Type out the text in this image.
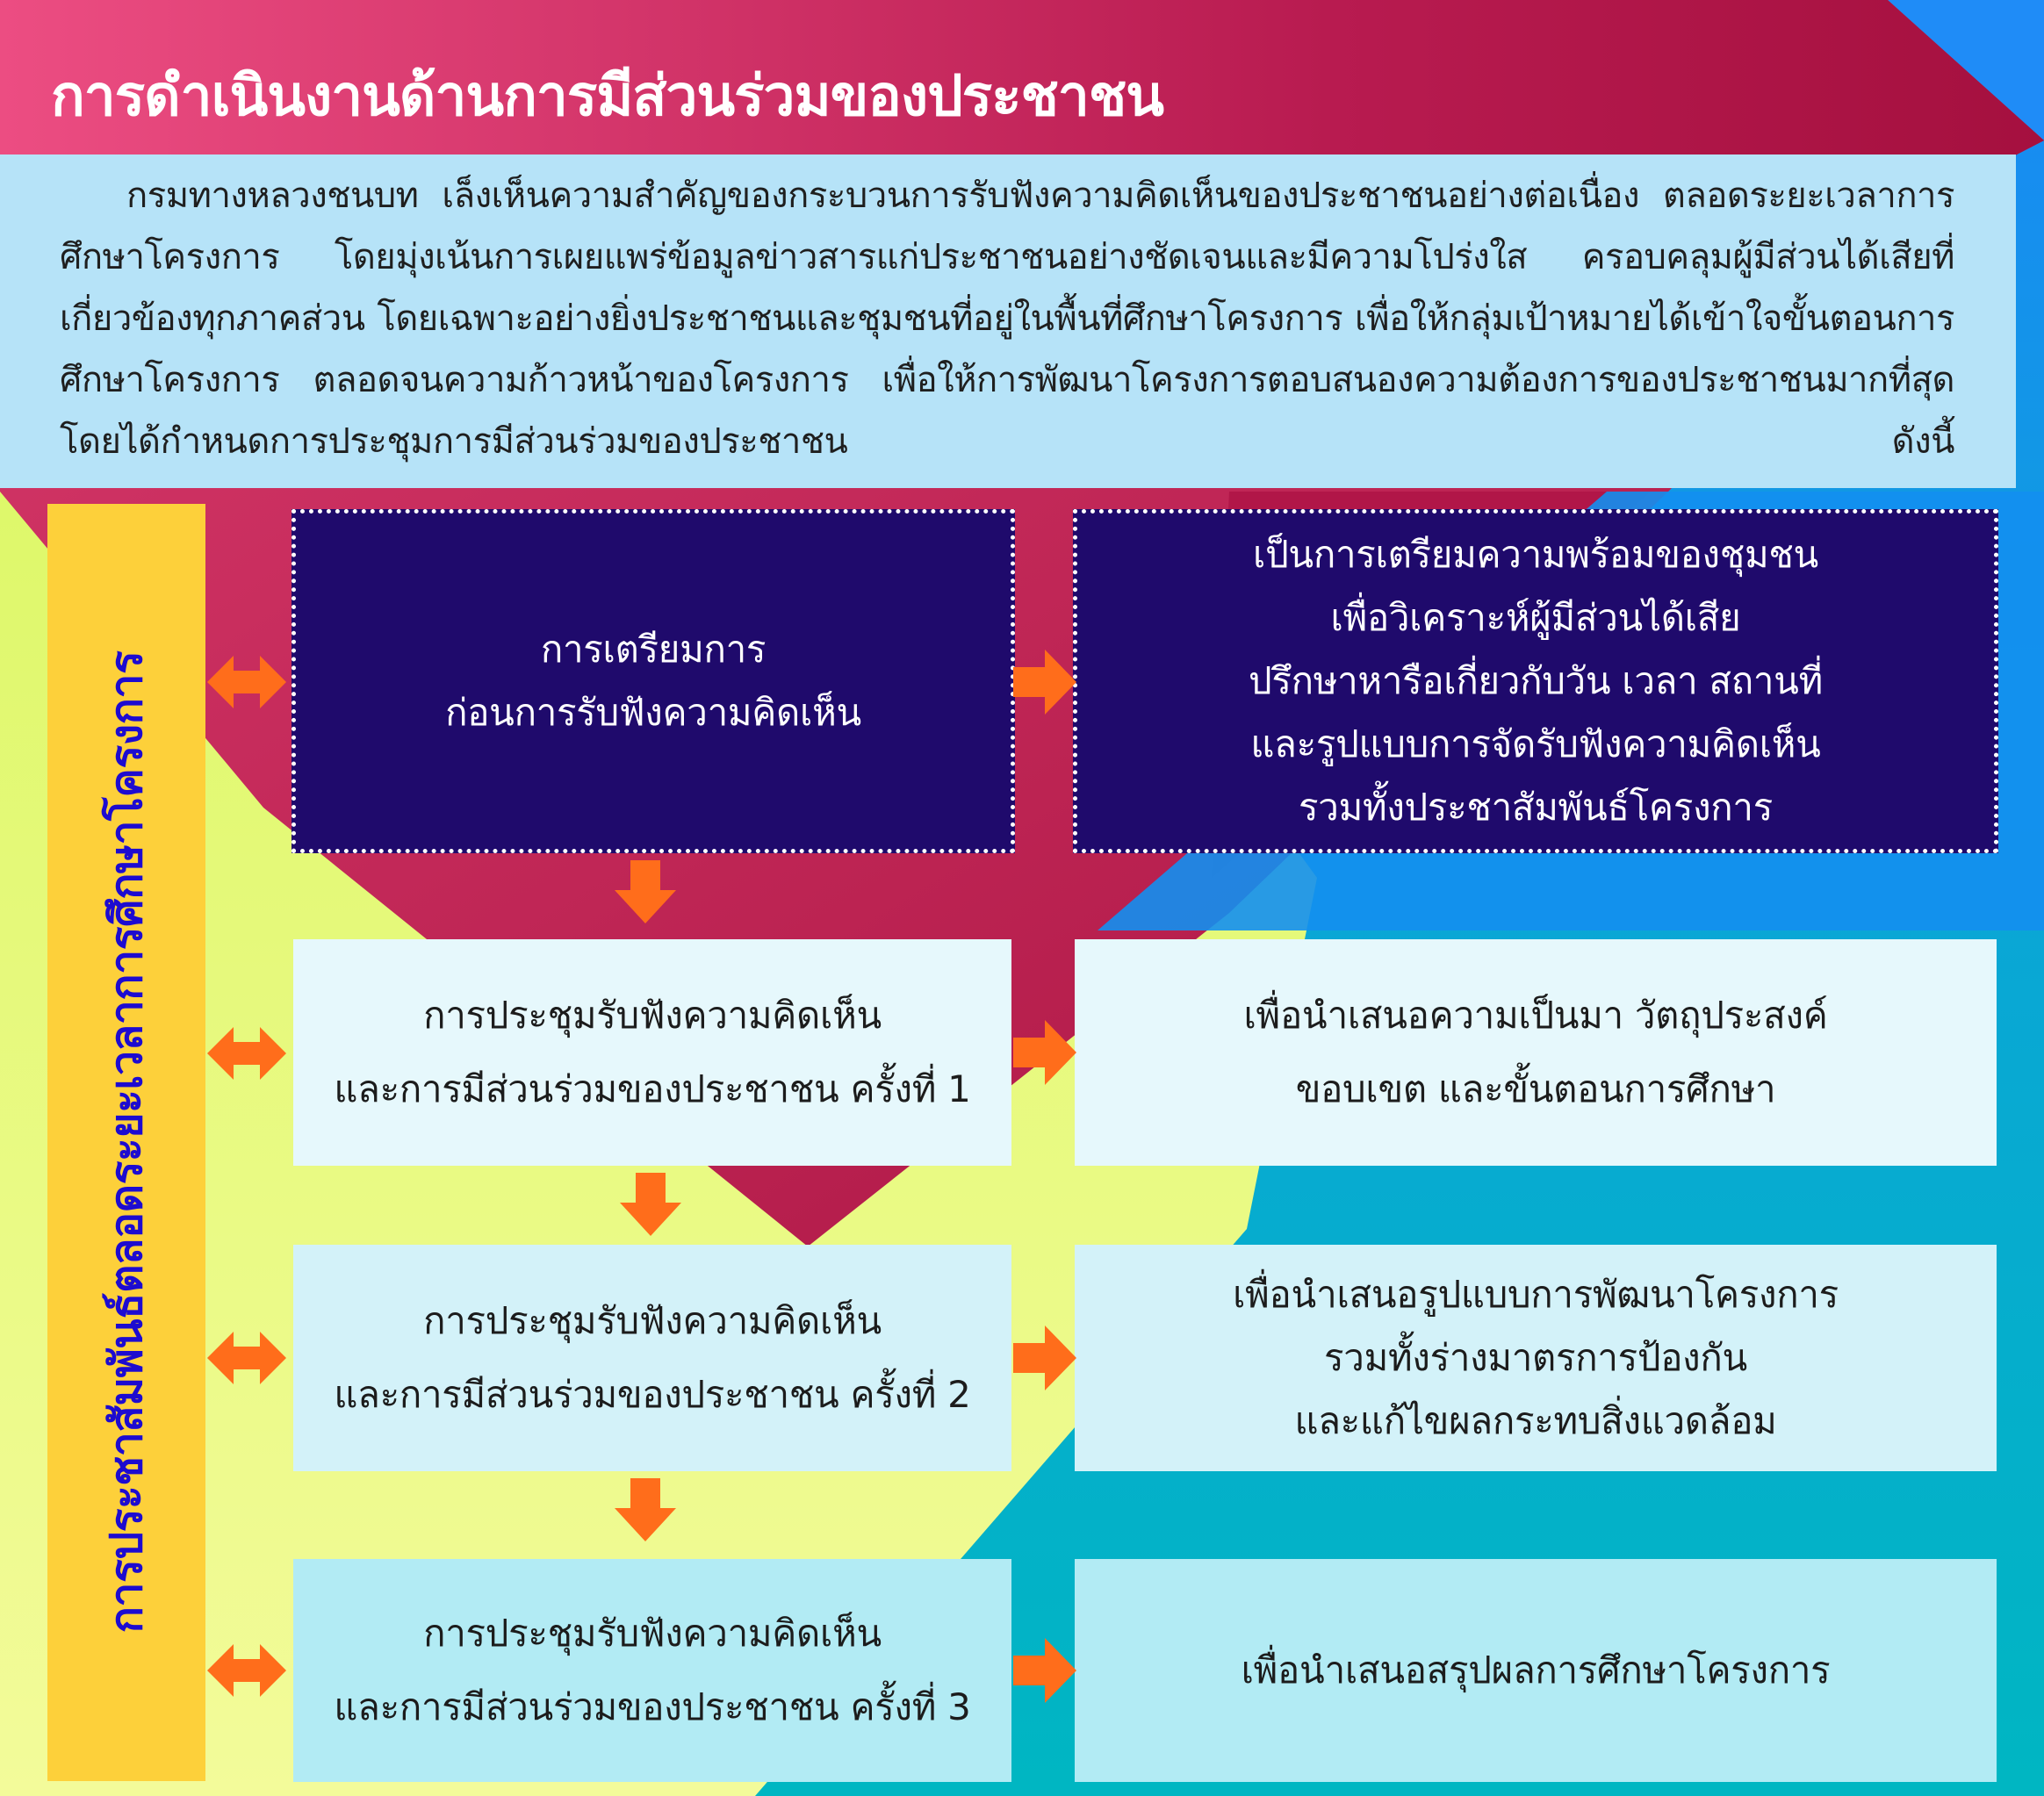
การดำเนินงานด้านการมีส่วนร่วมของประชาชน
กรมทางหลวงชนบท เล็งเห็นความสำคัญของกระบวนการรับฟังความคิดเห็นของประชาชนอย่างต่อเนื่อง ตลอดระยะเวลาการศึกษาโครงการ โดยมุ่งเน้นการเผยแพร่ข้อมูลข่าวสารแก่ประชาชนอย่างชัดเจนและมีความโปร่งใส ครอบคลุมผู้มีส่วนได้เสียที่เกี่ยวข้องทุกภาคส่วน โดยเฉพาะอย่างยิ่งประชาชนและชุมชนที่อยู่ในพื้นที่ศึกษาโครงการ เพื่อให้กลุ่มเป้าหมายได้เข้าใจขั้นตอนการศึกษาโครงการ ตลอดจนความก้าวหน้าของโครงการ เพื่อให้การพัฒนาโครงการตอบสนองความต้องการของประชาชนมากที่สุด โดยได้กำหนดการประชุมการมีส่วนร่วมของประชาชน ดังนี้
การประชาสัมพันธ์ตลอดระยะเวลาการศึกษาโครงการ
การเตรียมการ
ก่อนการรับฟังความคิดเห็น
เป็นการเตรียมความพร้อมของชุมชน
เพื่อวิเคราะห์ผู้มีส่วนได้เสีย
ปรึกษาหารือเกี่ยวกับวัน เวลา สถานที่
และรูปแบบการจัดรับฟังความคิดเห็น
รวมทั้งประชาสัมพันธ์โครงการ
การประชุมรับฟังความคิดเห็น
และการมีส่วนร่วมของประชาชน ครั้งที่ 1
เพื่อนำเสนอความเป็นมา วัตถุประสงค์
ขอบเขต และขั้นตอนการศึกษา
การประชุมรับฟังความคิดเห็น
และการมีส่วนร่วมของประชาชน ครั้งที่ 2
เพื่อนำเสนอรูปแบบการพัฒนาโครงการ
รวมทั้งร่างมาตรการป้องกัน
และแก้ไขผลกระทบสิ่งแวดล้อม
การประชุมรับฟังความคิดเห็น
และการมีส่วนร่วมของประชาชน ครั้งที่ 3
เพื่อนำเสนอสรุปผลการศึกษาโครงการ
